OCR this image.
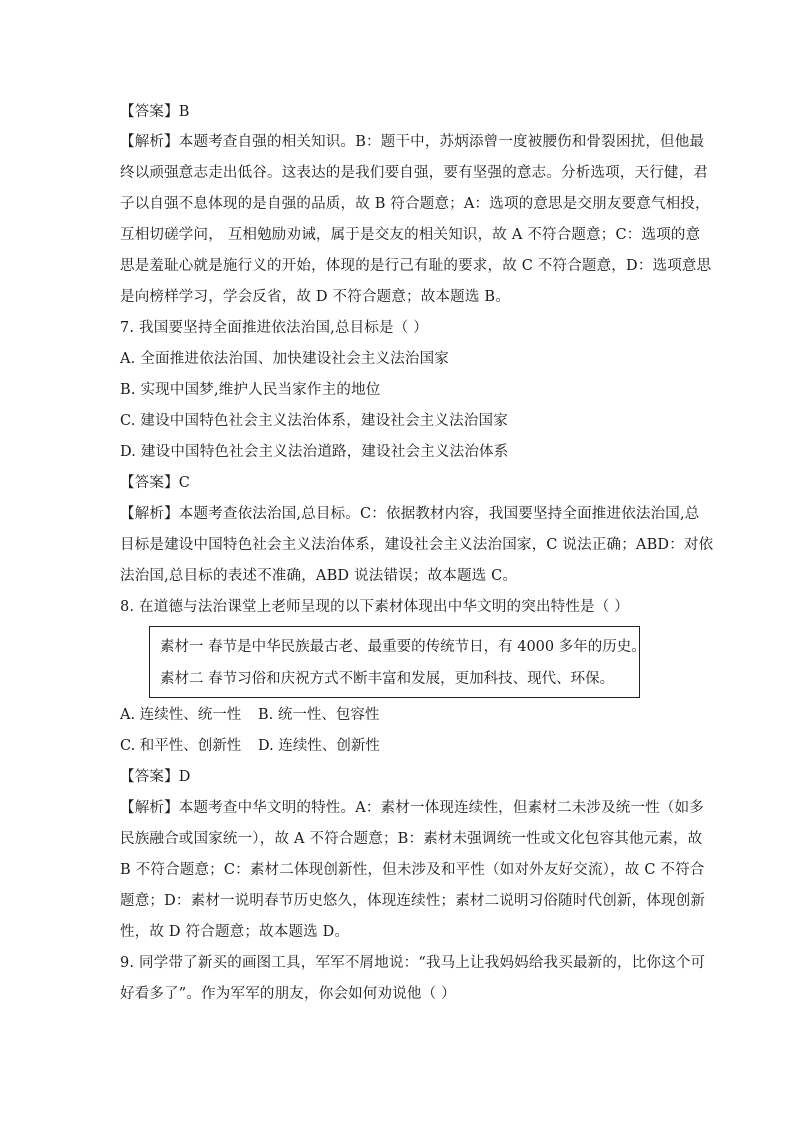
【答案】B
【解析】本题考查自强的相关知识。B：题干中，苏炳添曾一度被腰伤和骨裂困扰，但他最
终以顽强意志走出低谷。这表达的是我们要自强，要有坚强的意志。分析选项，天行健，君
子以自强不息体现的是自强的品质，故 B 符合题意；A：选项的意思是交朋友要意气相投，
互相切磋学问， 互相勉励劝诫，属于是交友的相关知识，故 A 不符合题意；C：选项的意
思是羞耻心就是施行义的开始，体现的是行己有耻的要求，故 C 不符合题意，D：选项意思
是向榜样学习，学会反省，故 D 不符合题意；故本题选 B。
7. 我国要坚持全面推进依法治国,总目标是（ ）
A. 全面推进依法治国、加快建设社会主义法治国家
B. 实现中国梦,维护人民当家作主的地位
C. 建设中国特色社会主义法治体系，建设社会主义法治国家
D. 建设中国特色社会主义法治道路，建设社会主义法治体系
【答案】C
【解析】本题考查依法治国,总目标。C：依据教材内容，我国要坚持全面推进依法治国,总
目标是建设中国特色社会主义法治体系，建设社会主义法治国家，C 说法正确；ABD：对依
法治国,总目标的表述不准确，ABD 说法错误；故本题选 C。
8. 在道德与法治课堂上老师呈现的以下素材体现出中华文明的突出特性是（ ）
素材一 春节是中华民族最古老、最重要的传统节日，有 4000 多年的历史。
素材二 春节习俗和庆祝方式不断丰富和发展，更加科技、现代、环保。
A. 连续性、统一性 B. 统一性、包容性
C. 和平性、创新性 D. 连续性、创新性
【答案】D
【解析】本题考查中华文明的特性。A：素材一体现连续性，但素材二未涉及统一性（如多
民族融合或国家统一），故 A 不符合题意；B：素材未强调统一性或文化包容其他元素，故
B 不符合题意；C：素材二体现创新性，但未涉及和平性（如对外友好交流），故 C 不符合
题意；D：素材一说明春节历史悠久，体现连续性；素材二说明习俗随时代创新，体现创新
性，故 D 符合题意；故本题选 D。
9. 同学带了新买的画图工具，军军不屑地说：“我马上让我妈妈给我买最新的，比你这个可
好看多了”。作为军军的朋友，你会如何劝说他（ ）
